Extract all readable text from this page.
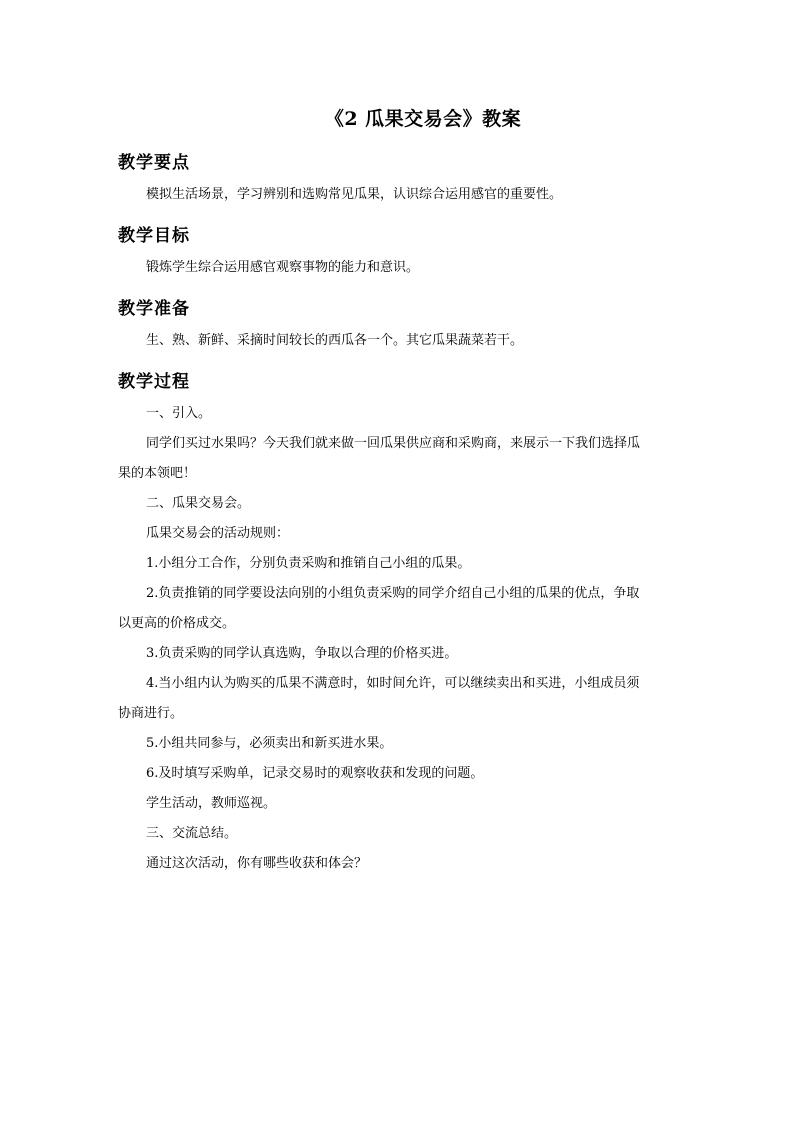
《2 瓜果交易会》教案
教学要点
模拟生活场景，学习辨别和选购常见瓜果，认识综合运用感官的重要性。
教学目标
锻炼学生综合运用感官观察事物的能力和意识。
教学准备
生、熟、新鲜、采摘时间较长的西瓜各一个。其它瓜果蔬菜若干。
教学过程
一、引入。
同学们买过水果吗？今天我们就来做一回瓜果供应商和采购商，来展示一下我们选择瓜
果的本领吧！
二、瓜果交易会。
瓜果交易会的活动规则：
1.小组分工合作，分别负责采购和推销自己小组的瓜果。
2.负责推销的同学要设法向别的小组负责采购的同学介绍自己小组的瓜果的优点，争取
以更高的价格成交。
3.负责采购的同学认真选购，争取以合理的价格买进。
4.当小组内认为购买的瓜果不满意时，如时间允许，可以继续卖出和买进，小组成员须
协商进行。
5.小组共同参与，必须卖出和新买进水果。
6.及时填写采购单，记录交易时的观察收获和发现的问题。
学生活动，教师巡视。
三、交流总结。
通过这次活动，你有哪些收获和体会？
